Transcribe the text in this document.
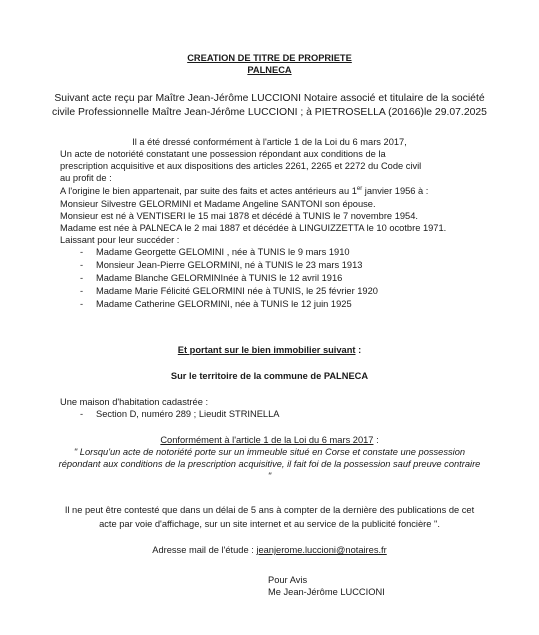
CREATION DE TITRE DE PROPRIETE
PALNECA
Suivant acte reçu par Maître Jean-Jérôme LUCCIONI Notaire associé et titulaire de la société
civile Professionnelle Maître Jean-Jérôme LUCCIONI ; à PIETROSELLA (20166)le 29.07.2025
Il a été dressé conformément à l'article 1 de la Loi du 6 mars 2017,
Un acte de notoriété constatant une possession répondant aux conditions de la
prescription acquisitive et aux dispositions des articles 2261, 2265 et 2272 du Code civil
au profit de :
A l'origine le bien appartenait, par suite des faits et actes antérieurs au 1er janvier 1956 à :
Monsieur Silvestre GELORMINI et Madame Angeline SANTONI son épouse.
Monsieur est né à VENTISERI le 15 mai 1878 et décédé à TUNIS le 7 novembre 1954.
Madame est née à PALNECA le 2 mai 1887 et décédée à LINGUIZZETTA le 10 ocotbre 1971.
Laissant pour leur succéder :
- Madame Georgette GELOMINI , née à TUNIS le 9 mars 1910
- Monsieur Jean-Pierre GELORMINI, né à TUNIS le 23 mars 1913
- Madame Blanche GELORMINInée à TUNIS le 12 avril 1916
- Madame Marie Félicité GELORMINI née à TUNIS, le 25 février 1920
- Madame Catherine GELORMINI, née à TUNIS le 12 juin 1925
Et portant sur le bien immobilier suivant :
Sur le territoire de la commune de PALNECA
Une maison d'habitation cadastrée :
- Section D, numéro 289 ; Lieudit STRINELLA
Conformément à l'article 1 de la Loi du 6 mars 2017 :
" Lorsqu'un acte de notoriété porte sur un immeuble situé en Corse et constate une possession
répondant aux conditions de la prescription acquisitive, il fait foi de la possession sauf preuve contraire
"
Il ne peut être contesté que dans un délai de 5 ans à compter de la dernière des publications de cet
acte par voie d'affichage, sur un site internet et au service de la publicité foncière ".
Adresse mail de l'étude : jeanjerome.luccioni@notaires.fr
Pour Avis
Me Jean-Jérôme LUCCIONI
